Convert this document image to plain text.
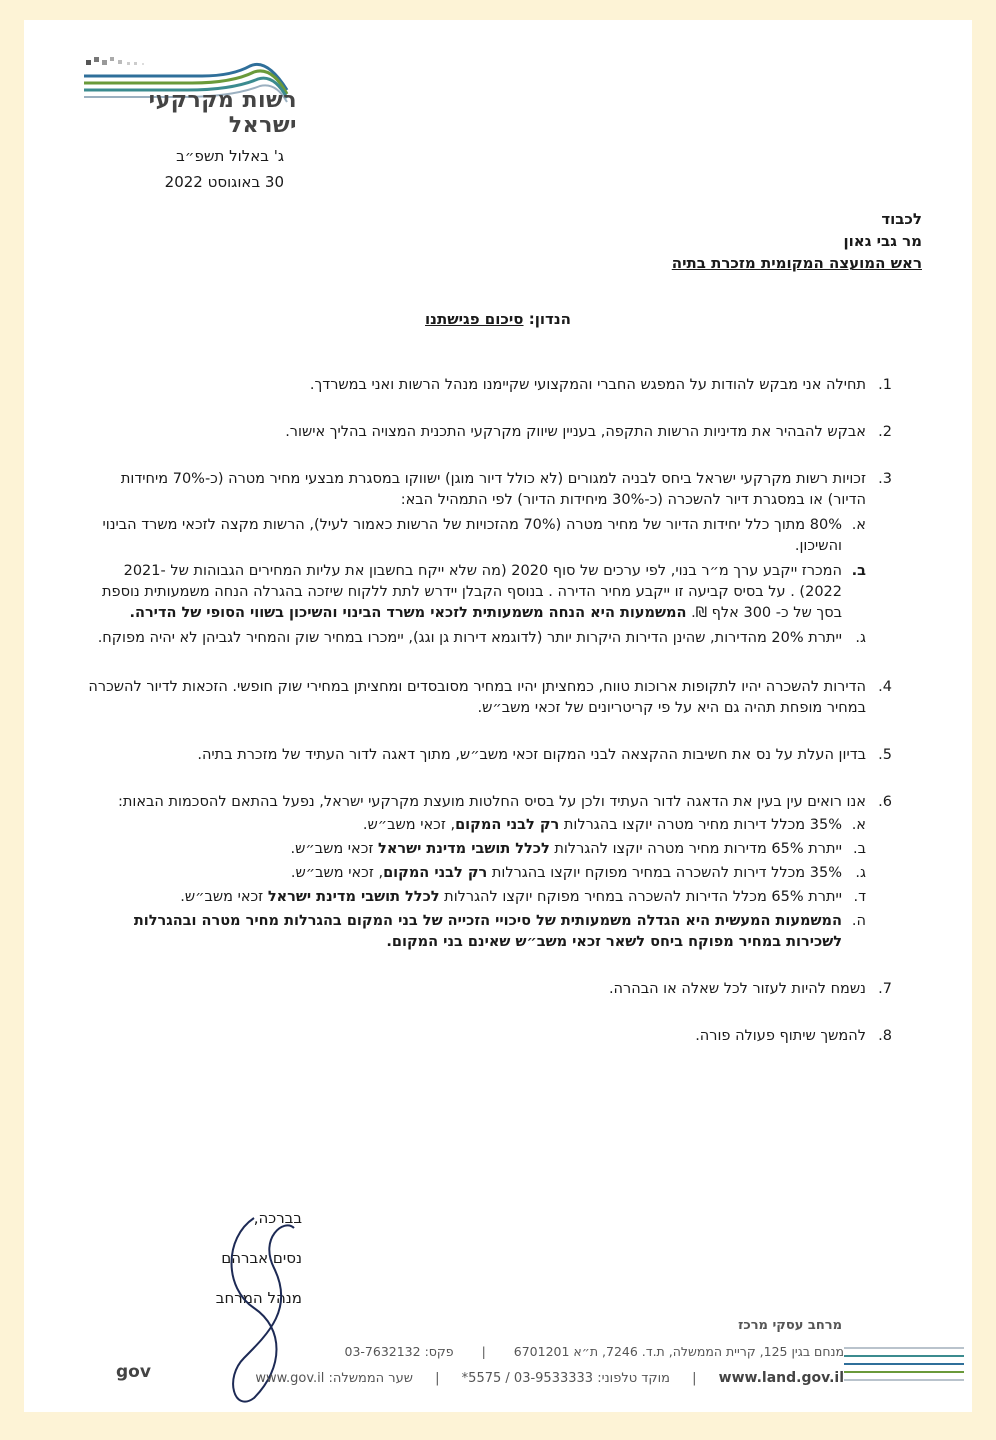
רשות מקרקעי ישראל
ג' באלול תשפ״ב
30 באוגוסט 2022
לכבוד
מר גבי גאון
ראש המועצה המקומית מזכרת בתיה
הנדון: סיכום פגישתנו
1.
תחילה אני מבקש להודות על המפגש החברי והמקצועי שקיימנו מנהל הרשות ואני במשרדך.
2.
אבקש להבהיר את מדיניות הרשות התקפה, בעניין שיווק מקרקעי התכנית המצויה בהליך אישור.
3.
זכויות רשות מקרקעי ישראל ביחס לבניה למגורים (לא כולל דיור מוגן) ישווקו במסגרת מבצעי מחיר מטרה (כ-70% מיחידות הדיור) או במסגרת דיור להשכרה (כ-30% מיחידות הדיור) לפי התמהיל הבא:
א.
80% מתוך כלל יחידות הדיור של מחיר מטרה (70% מהזכויות של הרשות כאמור לעיל), הרשות מקצה לזכאי משרד הבינוי והשיכון.
ב.
המכרז ייקבע ערך מ״ר בנוי, לפי ערכים של סוף 2020 (מה שלא ייקח בחשבון את עליות המחירים הגבוהות של 2021-2022) . על בסיס קביעה זו ייקבע מחיר הדירה . בנוסף הקבלן יידרש לתת ללקוח שיזכה בהגרלה הנחה משמעותית נוספת בסך של כ- 300 אלף ₪. המשמעות היא הנחה משמעותית לזכאי משרד הבינוי והשיכון בשווי הסופי של הדירה.
ג.
ייתרת 20% מהדירות, שהינן הדירות היקרות יותר (לדוגמא דירות גן וגג), יימכרו במחיר שוק והמחיר לגביהן לא יהיה מפוקח.
4.
הדירות להשכרה יהיו לתקופות ארוכות טווח, כמחציתן יהיו במחיר מסובסדים ומחציתן במחירי שוק חופשי. הזכאות לדיור להשכרה במחיר מופחת תהיה גם היא על פי קריטריונים של זכאי משב״ש.
5.
בדיון העלת על נס את חשיבות ההקצאה לבני המקום זכאי משב״ש, מתוך דאגה לדור העתיד של מזכרת בתיה.
6.
אנו רואים עין בעין את הדאגה לדור העתיד ולכן על בסיס החלטות מועצת מקרקעי ישראל, נפעל בהתאם להסכמות הבאות:
א.
35% מכלל דירות מחיר מטרה יוקצו בהגרלות רק לבני המקום, זכאי משב״ש.
ב.
ייתרת 65% מדירות מחיר מטרה יוקצו להגרלות לכלל תושבי מדינת ישראל זכאי משב״ש.
ג.
35% מכלל דירות להשכרה במחיר מפוקח יוקצו בהגרלות רק לבני המקום, זכאי משב״ש.
ד.
ייתרת 65% מכלל הדירות להשכרה במחיר מפוקח יוקצו להגרלות לכלל תושבי מדינת ישראל זכאי משב״ש.
ה.
המשמעות המעשית היא הגדלה משמעותית של סיכויי הזכייה של בני המקום בהגרלות מחיר מטרה ובהגרלות לשכירות במחיר מפוקח ביחס לשאר זכאי משב״ש שאינם בני המקום.
7.
נשמח להיות לעזור לכל שאלה או הבהרה.
8.
להמשך שיתוף פעולה פורה.
בברכה,
נסים אברהם
מנהל המרחב
מרחב עסקי מרכז
מנחם בגין 125, קריית הממשלה, ת.ד. 7246, ת״א 6701201 | פקס: 03-7632132
www.land.gov.il | מוקד טלפוני: 03-9533333 / 5575* | שער הממשלה: www.gov.il
gov
